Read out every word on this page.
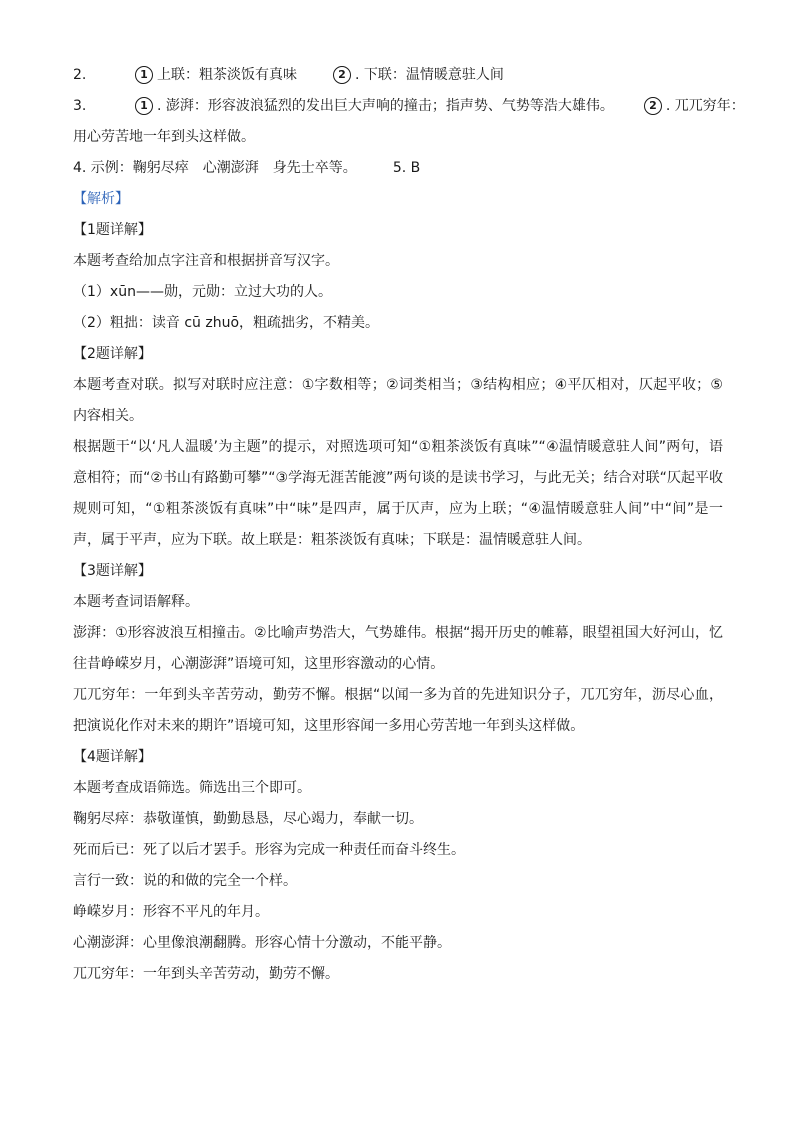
2.	1 上联：粗茶淡饭有真味	2 . 下联：温情暖意驻人间

3.	1 . 澎湃：形容波浪猛烈的发出巨大声响的撞击；指声势、气势等浩大雄伟。	2 . 兀兀穷年：

用心劳苦地一年到头这样做。

4. 示例：鞠躬尽瘁　心潮澎湃　身先士卒等。	5. B

【解析】

【1题详解】

本题考查给加点字注音和根据拼音写汉字。

（1）xūn——勋，元勋：立过大功的人。

（2）粗拙：读音 cū zhuō，粗疏拙劣，不精美。

【2题详解】

本题考查对联。拟写对联时应注意：①字数相等；②词类相当；③结构相应；④平仄相对，仄起平收；⑤内容相关。

根据题干“以‘凡人温暖’为主题”的提示，对照选项可知“①粗茶淡饭有真味”“④温情暖意驻人间”两句，语意相符；而“②书山有路勤可攀”“③学海无涯苦能渡”两句谈的是读书学习，与此无关；结合对联“仄起平收规则可知，“①粗茶淡饭有真味”中“味”是四声，属于仄声，应为上联；“④温情暖意驻人间”中“间”是一声，属于平声，应为下联。故上联是：粗茶淡饭有真味；下联是：温情暖意驻人间。

【3题详解】

本题考查词语解释。

澎湃：①形容波浪互相撞击。②比喻声势浩大，气势雄伟。根据“揭开历史的帷幕，眼望祖国大好河山，忆往昔峥嵘岁月，心潮澎湃”语境可知，这里形容激动的心情。

兀兀穷年：一年到头辛苦劳动，勤劳不懈。根据“以闻一多为首的先进知识分子，兀兀穷年，沥尽心血，把演说化作对未来的期许”语境可知，这里形容闻一多用心劳苦地一年到头这样做。

【4题详解】

本题考查成语筛选。筛选出三个即可。

鞠躬尽瘁：恭敬谨慎，勤勤恳恳，尽心竭力，奉献一切。

死而后已：死了以后才罢手。形容为完成一种责任而奋斗终生。

言行一致：说的和做的完全一个样。

峥嵘岁月：形容不平凡的年月。

心潮澎湃：心里像浪潮翻腾。形容心情十分激动，不能平静。

兀兀穷年：一年到头辛苦劳动，勤劳不懈。
